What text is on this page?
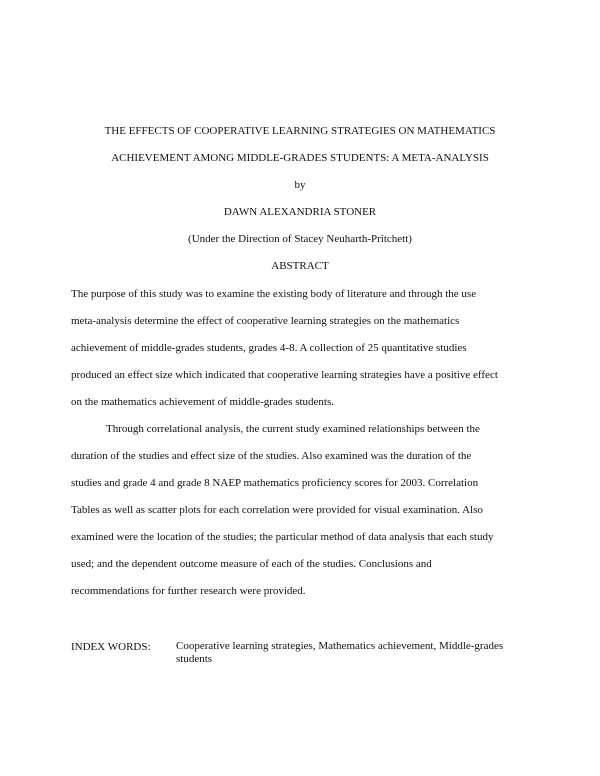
THE EFFECTS OF COOPERATIVE LEARNING STRATEGIES ON MATHEMATICS
ACHIEVEMENT AMONG MIDDLE-GRADES STUDENTS: A META-ANALYSIS
by
DAWN ALEXANDRIA STONER
(Under the Direction of Stacey Neuharth-Pritchett)
ABSTRACT
The purpose of this study was to examine the existing body of literature and through the use
meta-analysis determine the effect of cooperative learning strategies on the mathematics
achievement of middle-grades students, grades 4-8. A collection of 25 quantitative studies
produced an effect size which indicated that cooperative learning strategies have a positive effect
on the mathematics achievement of middle-grades students.
Through correlational analysis, the current study examined relationships between the
duration of the studies and effect size of the studies. Also examined was the duration of the
studies and grade 4 and grade 8 NAEP mathematics proficiency scores for 2003. Correlation
Tables as well as scatter plots for each correlation were provided for visual examination. Also
examined were the location of the studies; the particular method of data analysis that each study
used; and the dependent outcome measure of each of the studies. Conclusions and
recommendations for further research were provided.
INDEX WORDS: Cooperative learning strategies, Mathematics achievement, Middle-grades students
